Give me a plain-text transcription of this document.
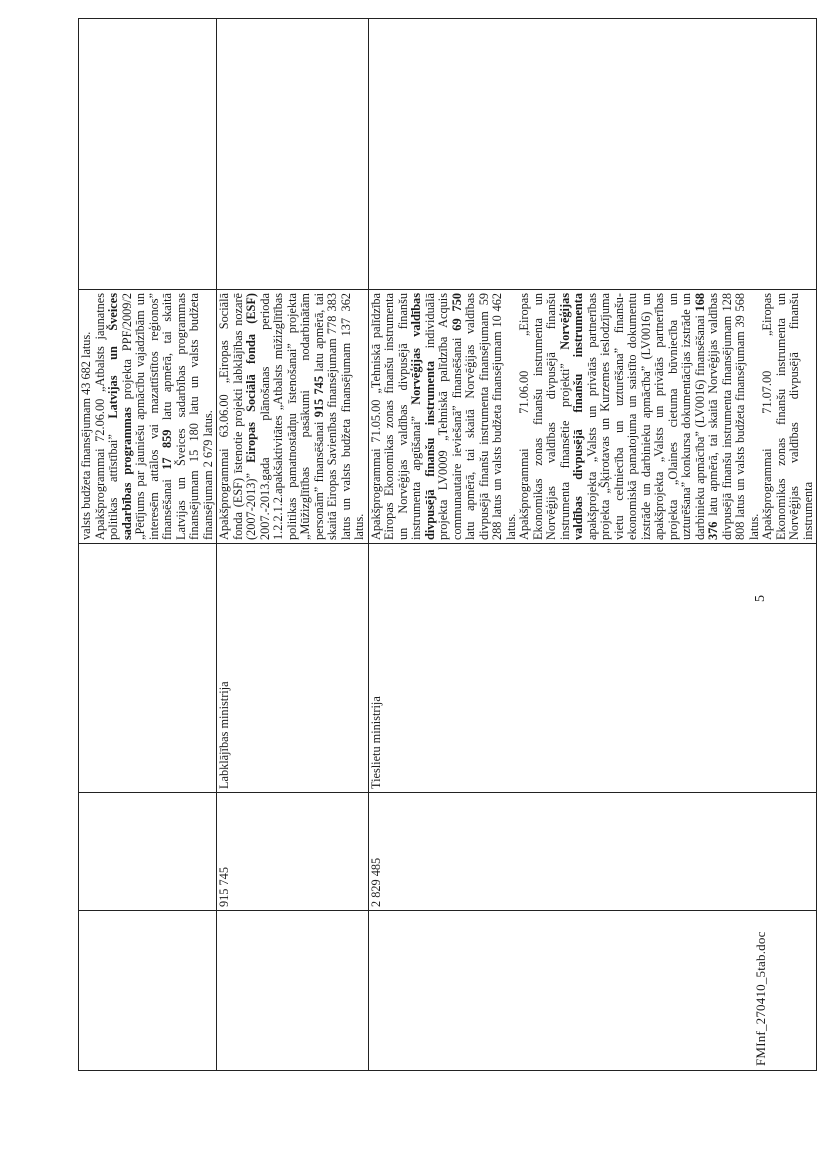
			valsts budžeta finansējumam 43 682 latus. Apakšprogrammai 72.06.00 „Atbalsts jaunatnes politikas attīstībai” Latvijas un Šveices sadarbības programmas projekta PPF/2009/2 „Pētījums par jauniešu apmācību vajadzībām un interesēm attālos vai mazattīstītos reģionos” finansēšanai 17 859 latu apmērā, tai skaitā Latvijas un Šveices sadarbības programmas finansējumam 15 180 latu un valsts budžeta finansējumam 2 679 latus.	

	915 745	Labklājības ministrija	Apakšprogrammai 63.06.00 „Eiropas Sociālā fonda (ESF) īstenotie projekti labklājības nozarē (2007-2013)” Eiropas Sociālā fonda (ESF) 2007.-2013.gada plānošanas perioda 1.2.2.1.2.apakšaktivitātes „Atbalsts mūžizglītības politikas pamatnostādņu īstenošanai” projekta „Mūžizglītības pasākumi nodarbinātām personām” finansēšanai 915 745 latu apmērā, tai skaitā Eiropas Savienības finansējumam 778 383 latus un valsts budžeta finansējumam 137 362 latus.	

	2 829 485	Tieslietu ministrija	Apakšprogrammai 71.05.00 „Tehniskā palīdzība Eiropas Ekonomikas zonas finanšu instrumenta un Norvēģijas valdības divpusējā finanšu instrumenta apgūšanai” Norvēģijas valdības divpusējā finanšu instrumenta individuālā projekta LV0009 „Tehniskā palīdzība Acquis communautaire ieviešanā” finansēšanai 69 750 latu apmērā, tai skaitā Norvēģijas valdības divpusējā finanšu instrumenta finansējumam 59 288 latus un valsts budžeta finansējumam 10 462 latus. Apakšprogrammai 71.06.00 „Eiropas Ekonomikas zonas finanšu instrumenta un Norvēģijas valdības divpusējā finanšu instrumenta finansētie projekti” Norvēģijas valdības divpusējā finanšu instrumenta apakšprojekta „Valsts un privātās partnerības projekta „Šķirotavas un Kurzemes ieslodzījuma vietu celtniecība un uzturēšana” finanšu-ekonomiskā pamatojuma un saistīto dokumentu izstrāde un darbinieku apmācība” (LV0016) un apakšprojekta „Valsts un privātās partnerības projekta „Olaines cietuma būvniecība un uzturēšana” konkursa dokumentācijas izstrāde un darbinieku apmācība” (LV0016) finansēšanai 168 376 latu apmērā, tai skaitā Norvēģijas valdības divpusējā finanšu instrumenta finansējumam 128 808 latus un valsts budžeta finansējumam 39 568 latus. Apakšprogrammai 71.07.00 „Eiropas Ekonomikas zonas finanšu instrumenta un Norvēģijas valdības divpusējā finanšu instrumenta	

FMInf_270410_5tab.doc
5
